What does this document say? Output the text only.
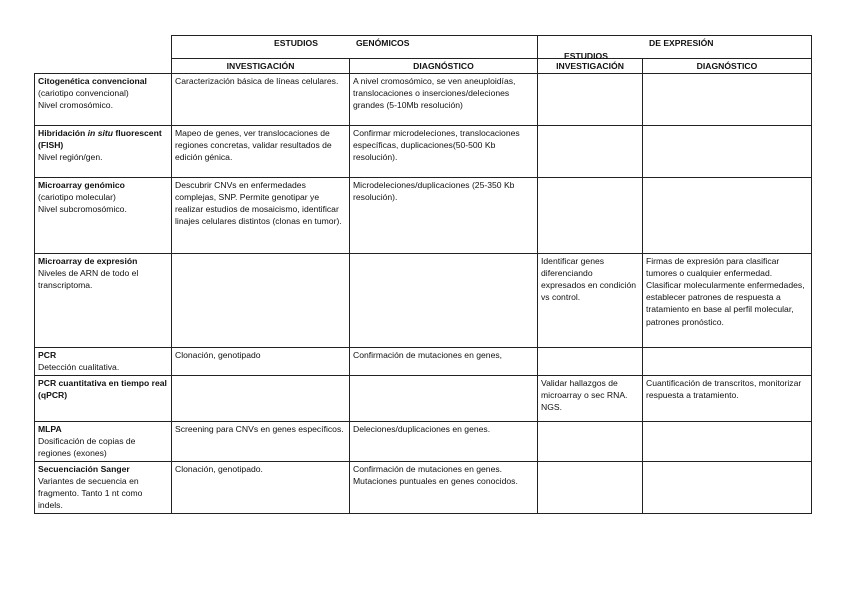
	ESTUDIOS GENÓMICOS		ESTUDIOS
DE EXPRESIÓN	

	INVESTIGACIÓN	DIAGNÓSTICO	INVESTIGACIÓN	DIAGNÓSTICO
Citogenética convencional
(cariotipo convencional)
Nivel cromosómico.	Caracterización básica de líneas celulares.	A nivel cromosómico, se ven aneuploidías, translocaciones o inserciones/deleciones grandes (5-10Mb resolución)		
Hibridación in situ fluorescent (FISH)
Nivel región/gen.	Mapeo de genes, ver translocaciones de regiones concretas, validar resultados de edición génica.	Confirmar microdeleciones, translocaciones específicas, duplicaciones(50-500 Kb resolución).		
Microarray genómico
(cariotipo molecular)
Nivel subcromosómico.	Descubrir CNVs en enfermedades complejas, SNP. Permite genotipar ye realizar estudios de mosaicismo, identificar linajes celulares distintos (clonas en tumor).	Microdeleciones/duplicaciones (25-350 Kb resolución).		
Microarray de expresión
Niveles de ARN de todo el transcriptoma.			Identificar genes diferenciando expresados en condición vs control.	Firmas de expresión para clasificar tumores o cualquier enfermedad. Clasificar molecularmente enfermedades, establecer patrones de respuesta a tratamiento en base al perfil molecular, patrones pronóstico.
PCR
Detección cualitativa.	Clonación, genotipado	Confirmación de mutaciones en genes,		
PCR cuantitativa en tiempo real (qPCR)			Validar hallazgos de microarray o sec RNA. NGS.	Cuantificación de transcritos, monitorizar respuesta a tratamiento.
MLPA
Dosificación de copias de regiones (exones)	Screening para CNVs en genes específicos.	Deleciones/duplicaciones en genes.		
Secuenciación Sanger
Variantes de secuencia en fragmento. Tanto 1 nt como indels.	Clonación, genotipado.	Confirmación de mutaciones en genes. Mutaciones puntuales en genes conocidos.		
